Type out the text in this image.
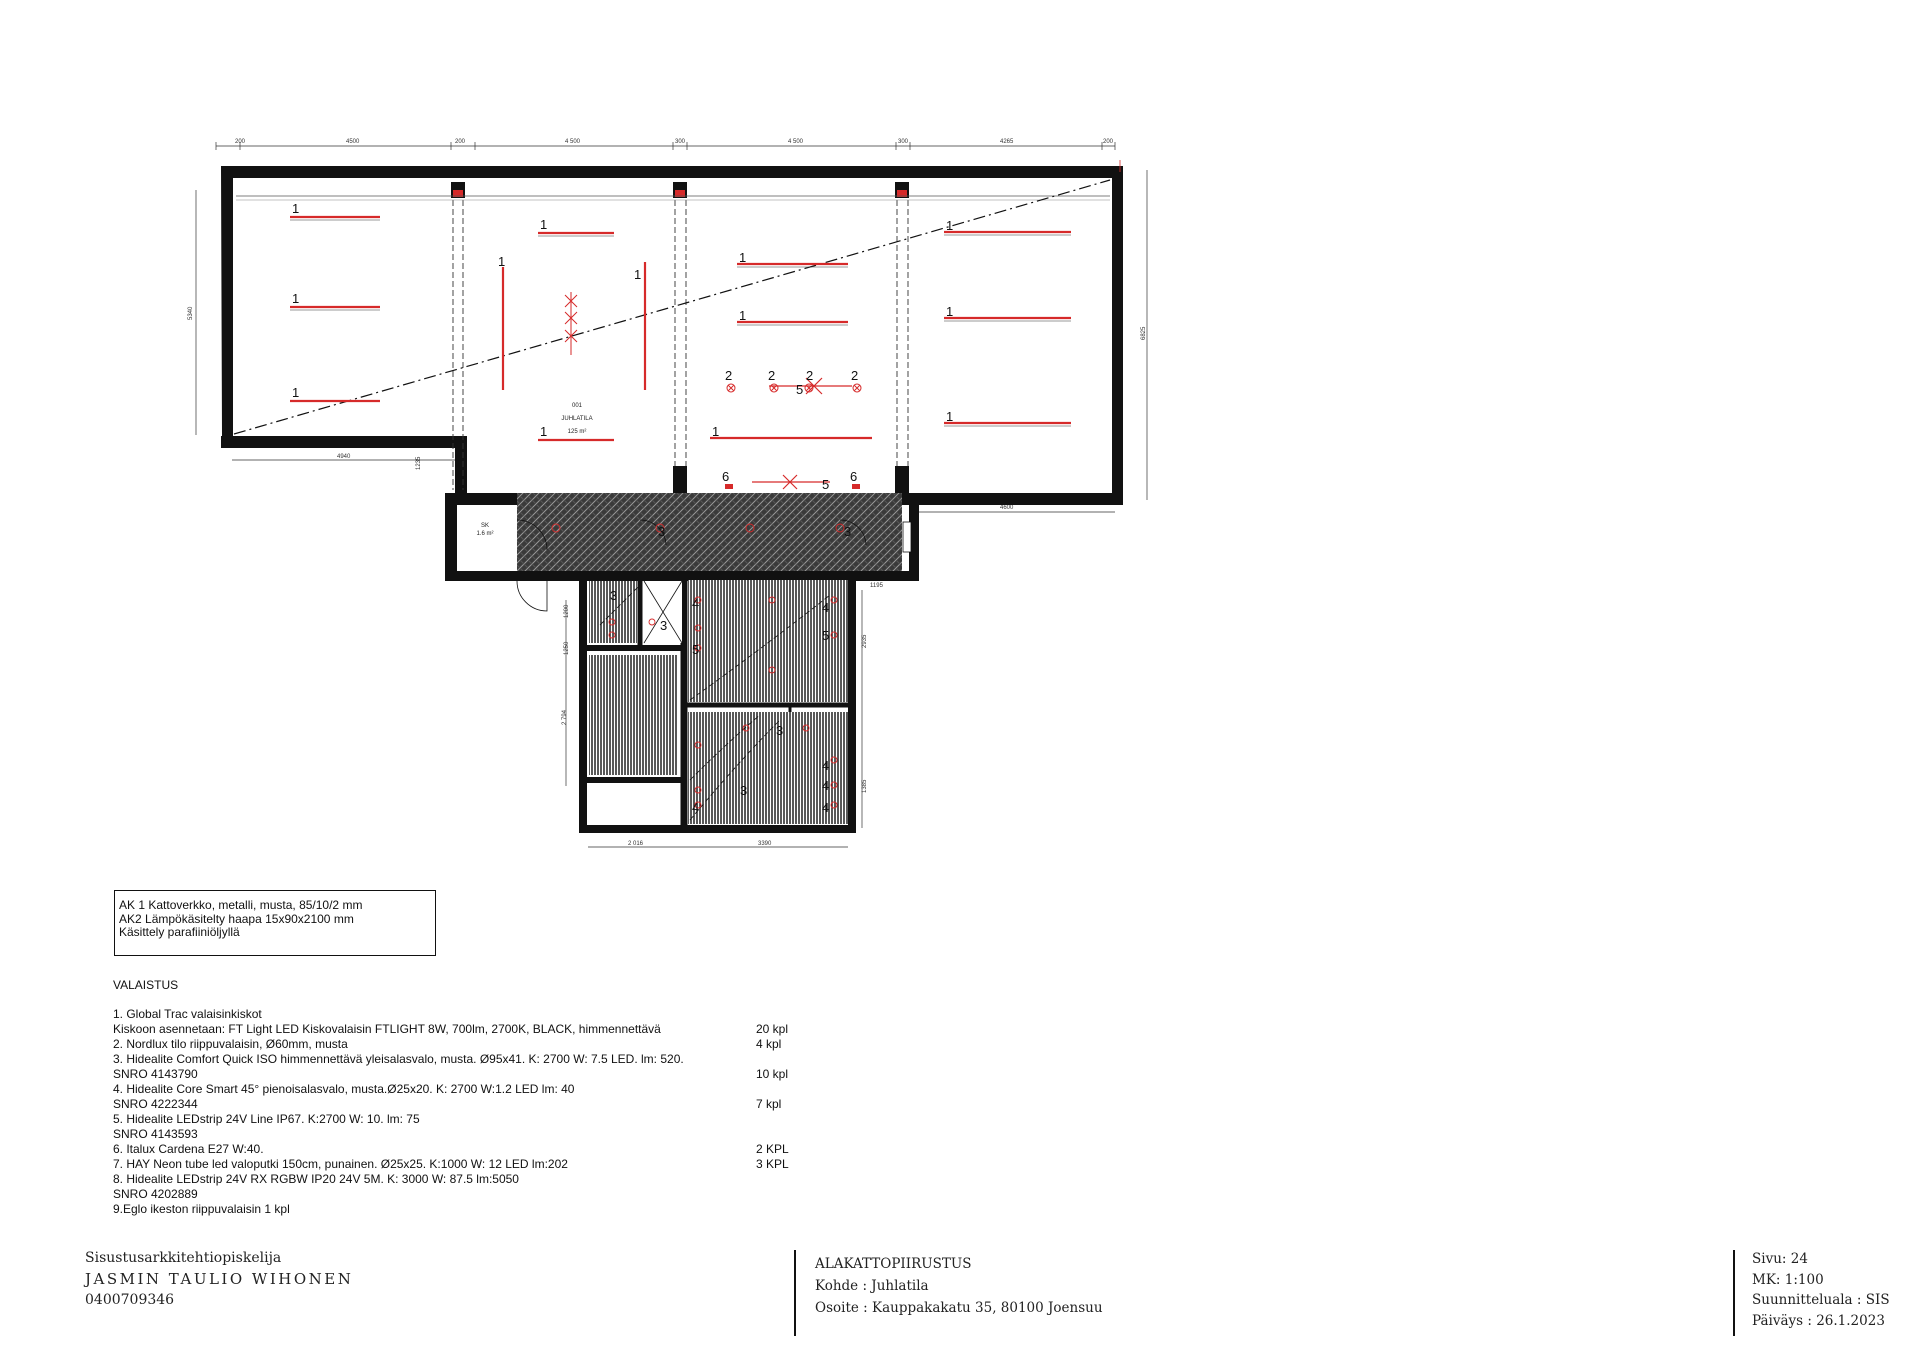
200	4500	200	4 500	300	4 500	300	4265	200
5340
6825
4940	1235
4600
1195
1200
1250
2 794
2935
1385
2 016	3390
SK
1.6 m²
1
1
1
1
1
1
1
1
1
1
1
1
1
2	2 2	2
5
5
6	6
3	3
3
3
4
5
4
5
3
3
4
4
4
4
001
JUHLATILA
125 m²
AK 1 Kattoverkko, metalli, musta, 85/10/2 mm
AK2 Lämpökäsitelty haapa 15x90x2100 mm
Käsittely parafiiniöljyllä
VALAISTUS
1. Global Trac valaisinkiskot
Kiskoon asennetaan: FT Light LED Kiskovalaisin FTLIGHT 8W, 700lm, 2700K, BLACK, himmennettävä	20 kpl
2. Nordlux tilo riippuvalaisin, Ø60mm, musta	4 kpl
3. Hidealite Comfort Quick ISO himmennettävä yleisalasvalo, musta. Ø95x41. K: 2700 W: 7.5 LED. lm: 520.
SNRO 4143790	10 kpl
4. Hidealite Core Smart 45° pienoisalasvalo, musta.Ø25x20. K: 2700 W:1.2 LED lm: 40
SNRO 4222344	7 kpl
5. Hidealite LEDstrip 24V Line IP67. K:2700 W: 10. lm: 75
SNRO 4143593
6. Italux Cardena E27 W:40.	2 KPL
7. HAY Neon tube led valoputki 150cm, punainen. Ø25x25. K:1000 W: 12 LED lm:202	3 KPL
8. Hidealite LEDstrip 24V RX RGBW IP20 24V 5M. K: 3000 W: 87.5 lm:5050
SNRO 4202889
9.Eglo ikeston riippuvalaisin 1 kpl
Sisustusarkkitehtiopiskelija
JASMIN TAULIO WIHONEN
0400709346
ALAKATTOPIIRUSTUS
Kohde : Juhlatila
Osoite : Kauppakakatu 35, 80100 Joensuu
Sivu: 24
MK: 1:100
Suunnitteluala : SIS
Päiväys : 26.1.2023
